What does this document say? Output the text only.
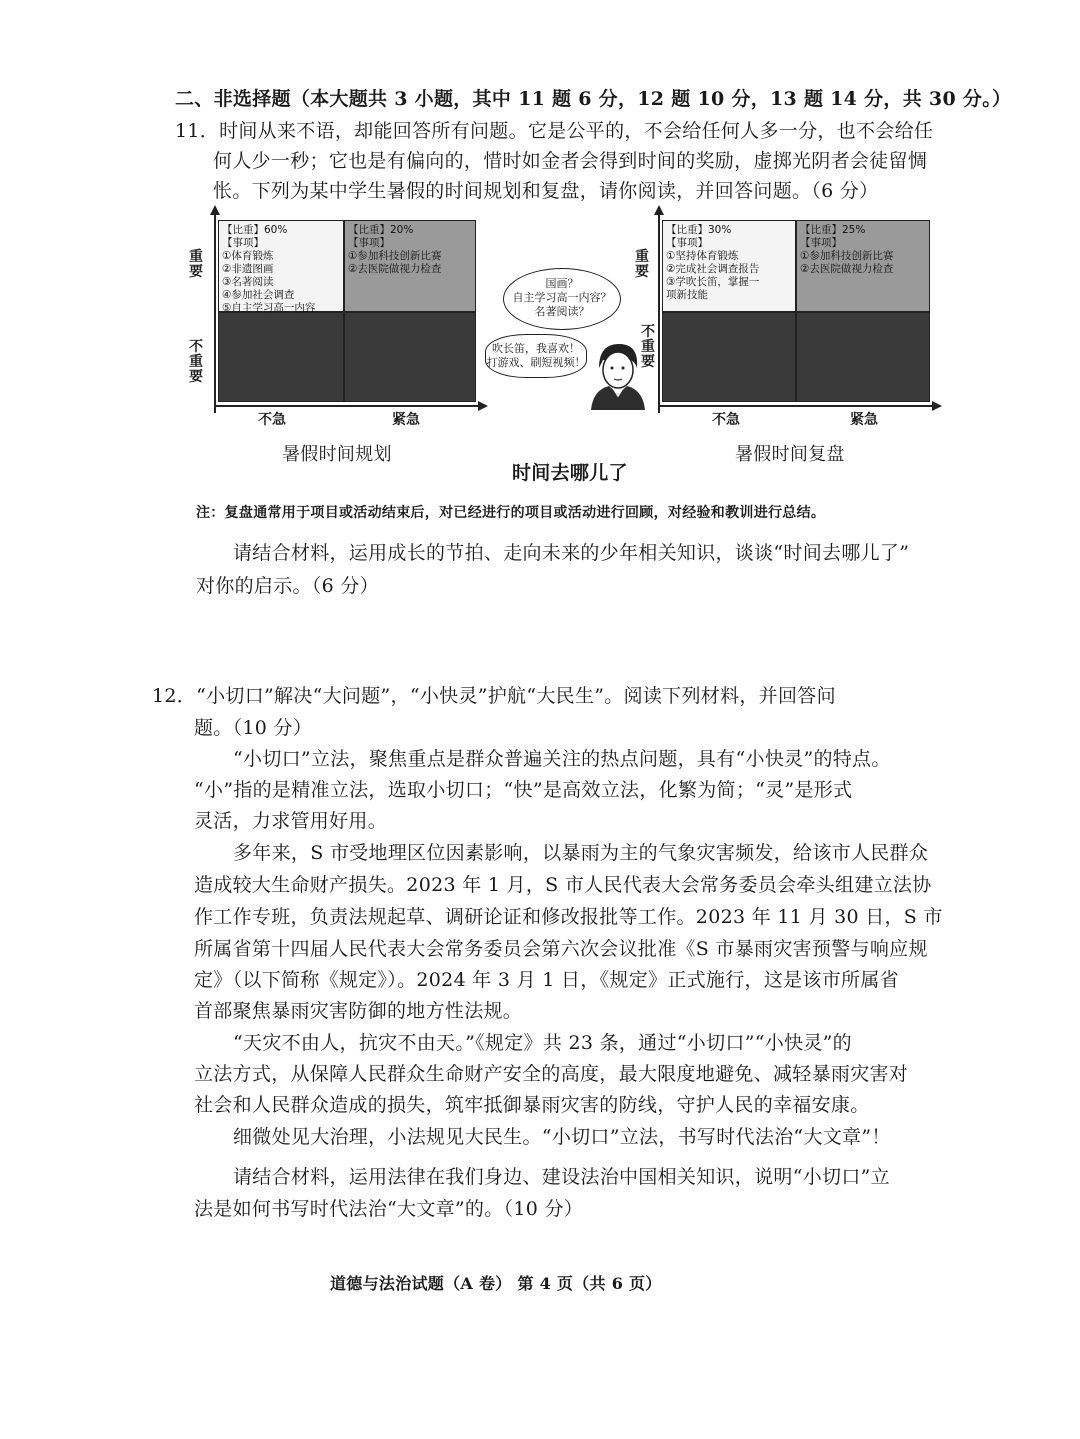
二、非选择题（本大题共 3 小题，其中 11 题 6 分，12 题 10 分，13 题 14 分，共 30 分。）
11．时间从来不语，却能回答所有问题。它是公平的，不会给任何人多一分，也不会给任
何人少一秒；它也是有偏向的，惜时如金者会得到时间的奖励，虚掷光阴者会徒留惆
怅。下列为某中学生暑假的时间规划和复盘，请你阅读，并回答问题。（6 分）
【比重】60%
【事项】
①体育锻炼
②非遗图画
③名著阅读
④参加社会调查
⑤自主学习高一内容
【比重】20%
【事项】
①参加科技创新比赛
②去医院做视力检查
重要
不重要
不急	紧急
暑假时间规划
国画？
自主学习高一内容？
名著阅读？
吹长笛，我喜欢！
打游戏、刷短视频！
时间去哪儿了
【比重】30%
【事项】
①坚持体育锻炼
②完成社会调查报告
③学吹长笛，掌握一
项新技能
【比重】25%
【事项】
①参加科技创新比赛
②去医院做视力检查
重要
不重要
不急	紧急
暑假时间复盘
注：复盘通常用于项目或活动结束后，对已经进行的项目或活动进行回顾，对经验和教训进行总结。
请结合材料，运用成长的节拍、走向未来的少年相关知识，谈谈“时间去哪儿了”
对你的启示。（6 分）
12．“小切口”解决“大问题”，“小快灵”护航“大民生”。阅读下列材料，并回答问
题。（10 分）
“小切口”立法，聚焦重点是群众普遍关注的热点问题，具有“小快灵”的特点。
“小”指的是精准立法，选取小切口；“快”是高效立法，化繁为简；“灵”是形式
灵活，力求管用好用。
多年来，S 市受地理区位因素影响，以暴雨为主的气象灾害频发，给该市人民群众
造成较大生命财产损失。2023 年 1 月，S 市人民代表大会常务委员会牵头组建立法协
作工作专班，负责法规起草、调研论证和修改报批等工作。2023 年 11 月 30 日，S 市
所属省第十四届人民代表大会常务委员会第六次会议批准《S 市暴雨灾害预警与响应规
定》（以下简称《规定》）。2024 年 3 月 1 日，《规定》正式施行，这是该市所属省
首部聚焦暴雨灾害防御的地方性法规。
“天灾不由人，抗灾不由天。”《规定》共 23 条，通过“小切口”“小快灵”的
立法方式，从保障人民群众生命财产安全的高度，最大限度地避免、减轻暴雨灾害对
社会和人民群众造成的损失，筑牢抵御暴雨灾害的防线，守护人民的幸福安康。
细微处见大治理，小法规见大民生。“小切口”立法，书写时代法治“大文章”！
请结合材料，运用法律在我们身边、建设法治中国相关知识，说明“小切口”立
法是如何书写时代法治“大文章”的。（10 分）
道德与法治试题（A 卷） 第 4 页（共 6 页）
